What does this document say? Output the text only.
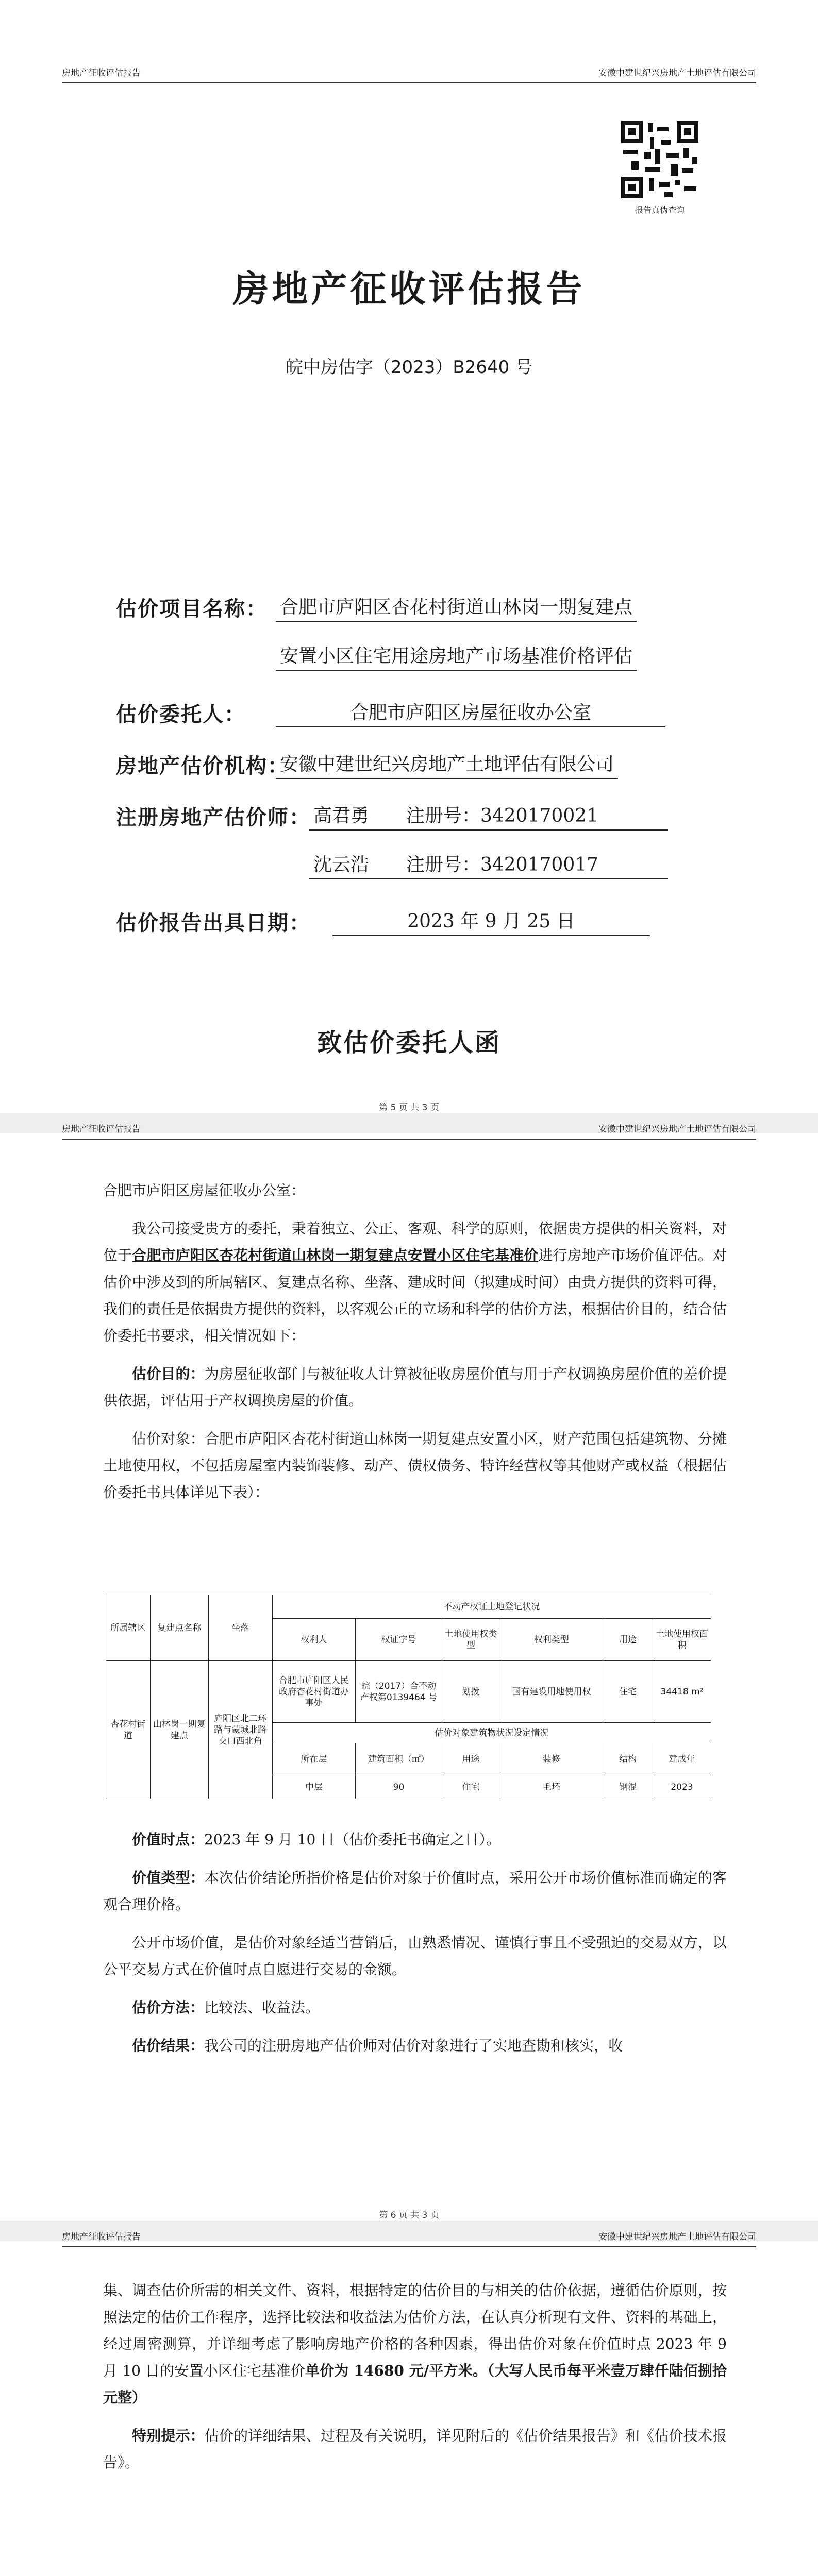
房地产征收评估报告	安徽中建世纪兴房地产土地评估有限公司
报告真伪查询
房地产征收评估报告
皖中房估字（2023）B2640 号
估价项目名称： 合肥市庐阳区杏花村街道山林岗一期复建点
安置小区住宅用途房地产市场基准价格评估
估价委托人：	合肥市庐阳区房屋征收办公室
房地产估价机构：
安徽中建世纪兴房地产土地评估有限公司
注册房地产估价师： 高君勇　　注册号：3420170021
沈云浩　　注册号：3420170017
估价报告出具日期：	2023 年 9 月 25 日
致估价委托人函
第 5 页 共 3 页
房地产征收评估报告	安徽中建世纪兴房地产土地评估有限公司

合肥市庐阳区房屋征收办公室：

我公司接受贵方的委托，秉着独立、公正、客观、科学的原则，依据贵方提供的相关资料，对位于合肥市庐阳区杏花村街道山林岗一期复建点安置小区住宅基准价进行房地产市场价值评估。对估价中涉及到的所属辖区、复建点名称、坐落、建成时间（拟建成时间）由贵方提供的资料可得，我们的责任是依据贵方提供的资料，以客观公正的立场和科学的估价方法，根据估价目的，结合估价委托书要求，相关情况如下：

估价目的：为房屋征收部门与被征收人计算被征收房屋价值与用于产权调换房屋价值的差价提供依据，评估用于产权调换房屋的价值。

估价对象：合肥市庐阳区杏花村街道山林岗一期复建点安置小区，财产范围包括建筑物、分摊土地使用权，不包括房屋室内装饰装修、动产、债权债务、特许经营权等其他财产或权益（根据估价委托书具体详见下表）：

所属辖区	复建点名称	坐落	不动产权证土地登记状况					
			权利人	权证字号	土地使用权类型	权利类型	用途	土地使用权面积
杏花村街道	山林岗一期复建点	庐阳区北二环路与蒙城北路交口西北角	合肥市庐阳区人民政府杏花村街道办事处	皖（2017）合不动产权第0139464 号	划拨	国有建设用地使用权	住宅	34418 m²
			估价对象建筑物状况设定情况					
			所在层	建筑面积（㎡）	用途	装修	结构	建成年
			中层	90	住宅	毛坯	钢混	2023

价值时点：2023 年 9 月 10 日（估价委托书确定之日）。

价值类型：本次估价结论所指价格是估价对象于价值时点，采用公开市场价值标准而确定的客观合理价格。

公开市场价值，是估价对象经适当营销后，由熟悉情况、谨慎行事且不受强迫的交易双方，以公平交易方式在价值时点自愿进行交易的金额。

估价方法：比较法、收益法。

估价结果：我公司的注册房地产估价师对估价对象进行了实地查勘和核实，收

第 6 页 共 3 页
房地产征收评估报告	安徽中建世纪兴房地产土地评估有限公司

集、调查估价所需的相关文件、资料，根据特定的估价目的与相关的估价依据，遵循估价原则，按照法定的估价工作程序，选择比较法和收益法为估价方法，在认真分析现有文件、资料的基础上，经过周密测算，并详细考虑了影响房地产价格的各种因素，得出估价对象在价值时点 2023 年 9 月 10 日的安置小区住宅基准价单价为 14680 元/平方米。（大写人民币每平米壹万肆仟陆佰捌拾元整）

特别提示：估价的详细结果、过程及有关说明，详见附后的《估价结果报告》和《估价技术报告》。
